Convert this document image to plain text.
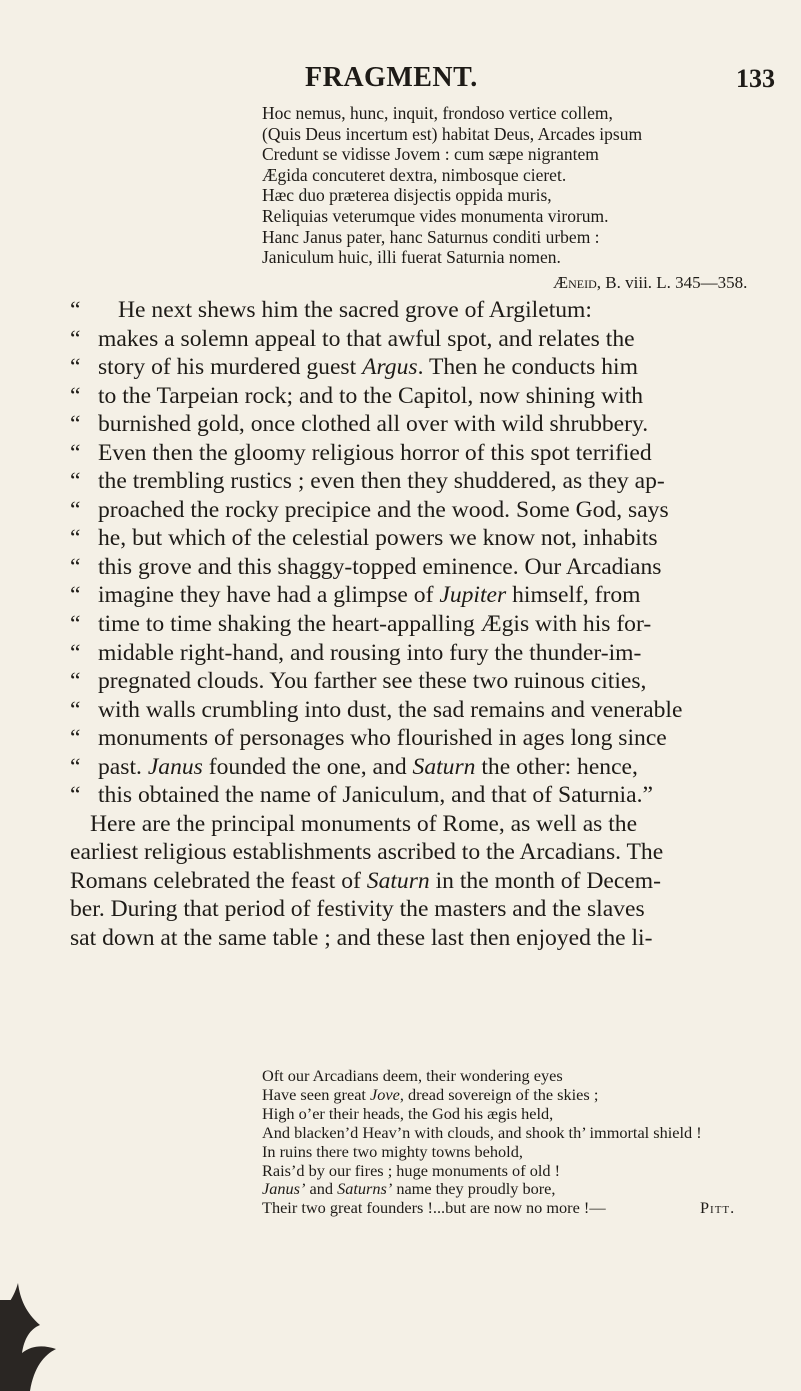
FRAGMENT.	133
Hoc nemus, hunc, inquit, frondoso vertice collem,
(Quis Deus incertum est) habitat Deus, Arcades ipsum
Credunt se vidisse Jovem : cum sæpe nigrantem
Ægida concuteret dextra, nimbosque cieret.
Hæc duo præterea disjectis oppida muris,
Reliquias veterumque vides monumenta virorum.
Hanc Janus pater, hanc Saturnus conditi urbem :
Janiculum huic, illi fuerat Saturnia nomen.
Æneid, B. viii. L. 345—358.
“ He next shews him the sacred grove of Argiletum:
“ makes a solemn appeal to that awful spot, and relates the
“ story of his murdered guest Argus. Then he conducts him
“ to the Tarpeian rock; and to the Capitol, now shining with
“ burnished gold, once clothed all over with wild shrubbery.
“ Even then the gloomy religious horror of this spot terrified
“ the trembling rustics ; even then they shuddered, as they ap-
“ proached the rocky precipice and the wood. Some God, says
“ he, but which of the celestial powers we know not, inhabits
“ this grove and this shaggy-topped eminence. Our Arcadians
“ imagine they have had a glimpse of Jupiter himself, from
“ time to time shaking the heart-appalling Ægis with his for-
“ midable right-hand, and rousing into fury the thunder-im-
“ pregnated clouds. You farther see these two ruinous cities,
“ with walls crumbling into dust, the sad remains and venerable
“ monuments of personages who flourished in ages long since
“ past. Janus founded the one, and Saturn the other: hence,
“ this obtained the name of Janiculum, and that of Saturnia.”
Here are the principal monuments of Rome, as well as the
earliest religious establishments ascribed to the Arcadians. The
Romans celebrated the feast of Saturn in the month of Decem-
ber. During that period of festivity the masters and the slaves
sat down at the same table ; and these last then enjoyed the li-
Oft our Arcadians deem, their wondering eyes
Have seen great Jove, dread sovereign of the skies ;
High o’er their heads, the God his ægis held,
And blacken’d Heav’n with clouds, and shook th’ immortal shield !
In ruins there two mighty towns behold,
Rais’d by our fires ; huge monuments of old !
Janus’ and Saturns’ name they proudly bore,
Their two great founders !...but are now no more !—	Pitt.
